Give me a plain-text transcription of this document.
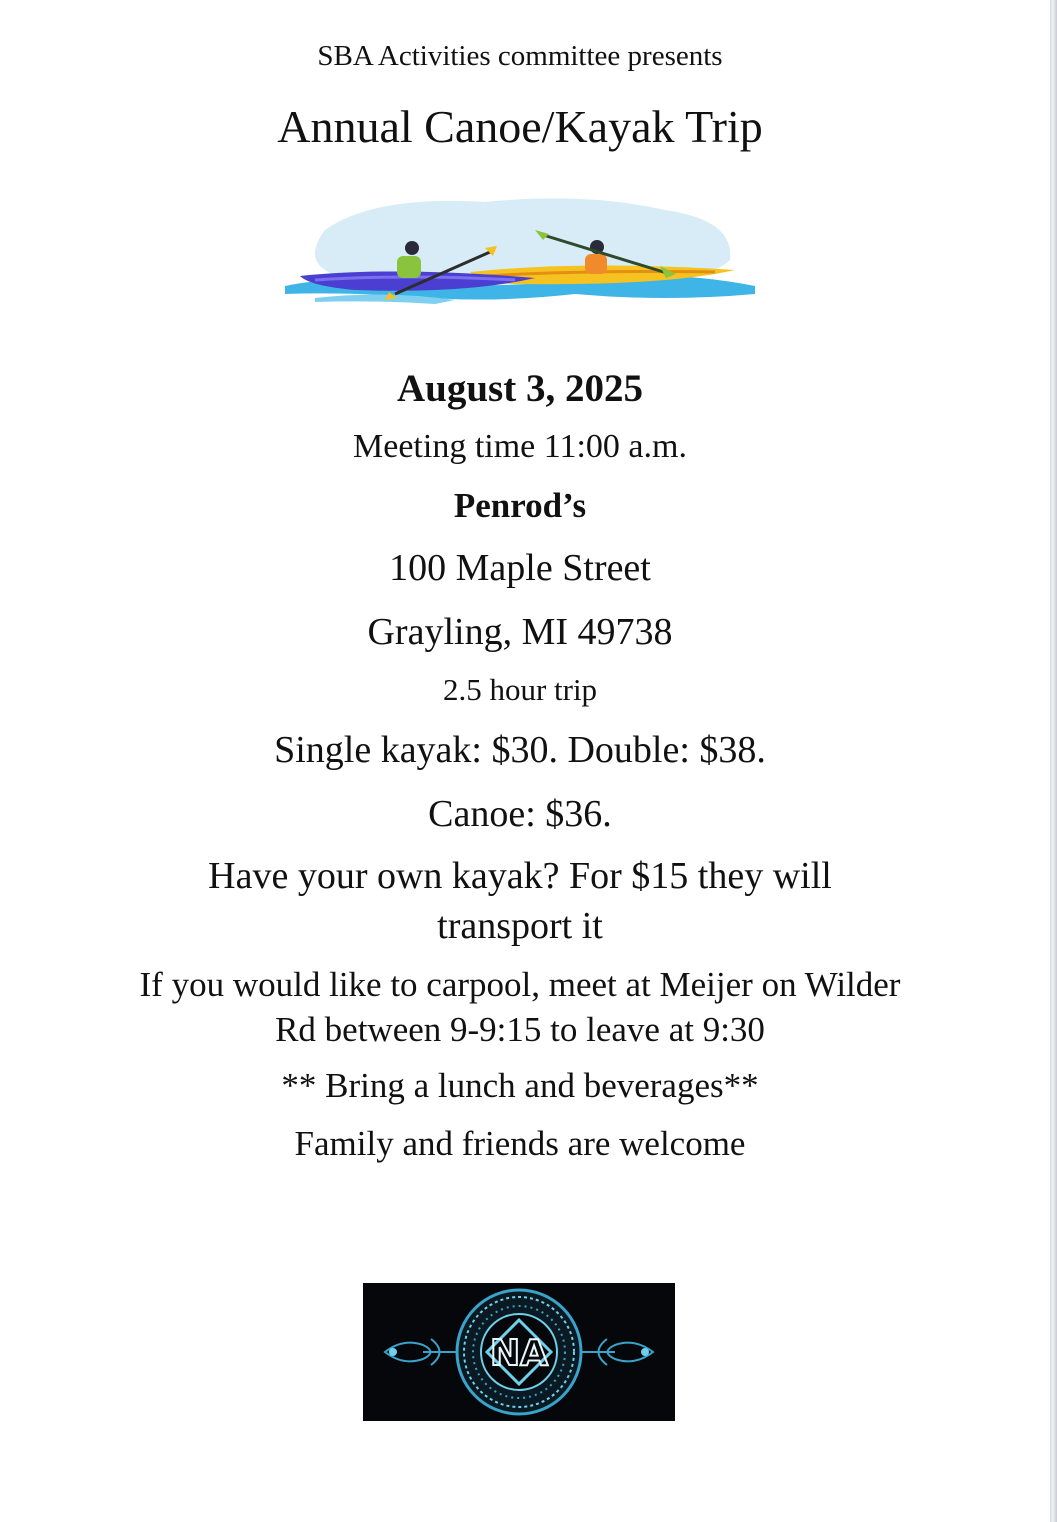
SBA Activities committee presents
Annual Canoe/Kayak Trip
August 3, 2025
Meeting time 11:00 a.m.
Penrod’s
100 Maple Street
Grayling, MI 49738
2.5 hour trip
Single kayak: $30. Double: $38.
Canoe: $36.
Have your own kayak? For $15 they will
transport it
If you would like to carpool, meet at Meijer on Wilder
Rd between 9-9:15 to leave at 9:30
** Bring a lunch and beverages**
Family and friends are welcome
NA
